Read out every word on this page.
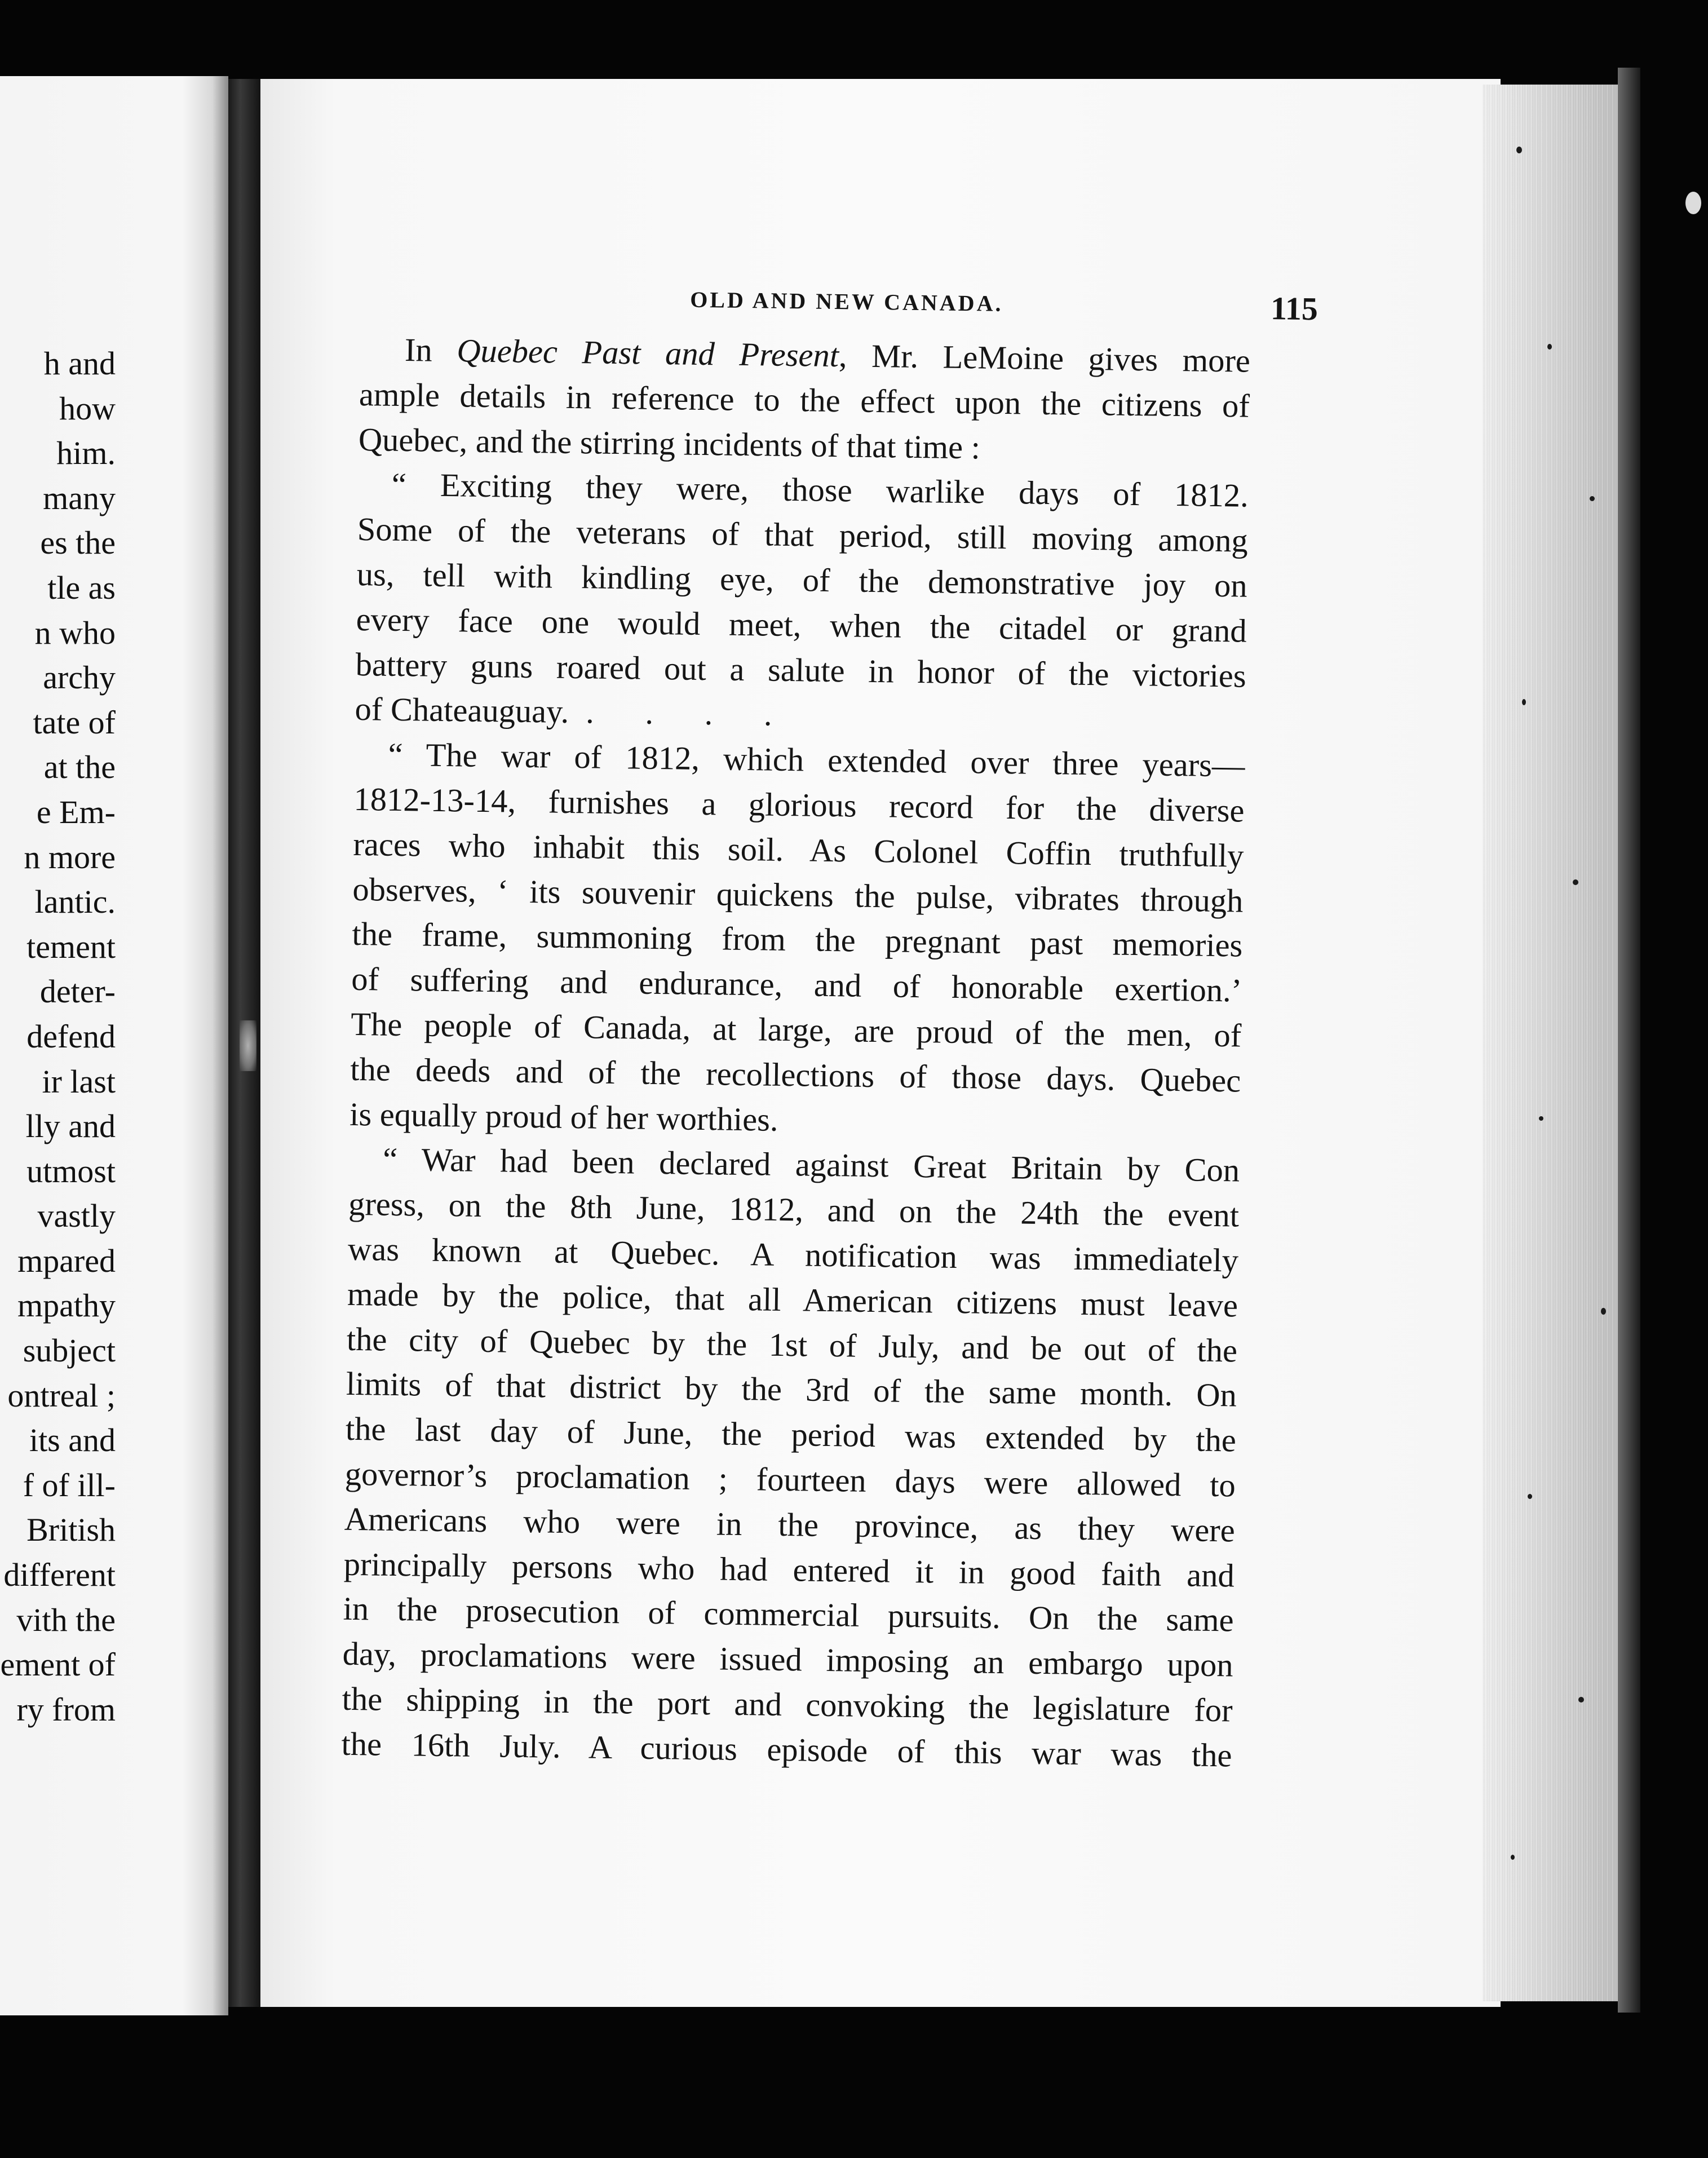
h and
how
him.
many
es the
tle as
n who
archy
tate of
at the
e Em-
n more
lantic.
tement
deter-
defend
ir last
lly and
utmost
vastly
mpared
mpathy
subject
ontreal ;
its and
f of ill-
British
different
vith the
ement of
ry from
OLD AND NEW CANADA.	115
In Quebec Past and Present, Mr. LeMoine gives more
ample details in reference to the effect upon the citizens of
Quebec, and the stirring incidents of that time :
“ Exciting they were, those warlike days of 1812.
Some of the veterans of that period, still moving among
us, tell with kindling eye, of the demonstrative joy on
every face one would meet, when the citadel or grand
battery guns roared out a salute in honor of the victories
of Chateauguay. . . . .
“ The war of 1812, which extended over three years—
1812-13-14, furnishes a glorious record for the diverse
races who inhabit this soil. As Colonel Coffin truthfully
observes, ‘ its souvenir quickens the pulse, vibrates through
the frame, summoning from the pregnant past memories
of suffering and endurance, and of honorable exertion.’
The people of Canada, at large, are proud of the men, of
the deeds and of the recollections of those days. Quebec
is equally proud of her worthies.
“ War had been declared against Great Britain by Con
gress, on the 8th June, 1812, and on the 24th the event
was known at Quebec. A notification was immediately
made by the police, that all American citizens must leave
the city of Quebec by the 1st of July, and be out of the
limits of that district by the 3rd of the same month. On
the last day of June, the period was extended by the
governor’s proclamation ; fourteen days were allowed to
Americans who were in the province, as they were
principally persons who had entered it in good faith and
in the prosecution of commercial pursuits. On the same
day, proclamations were issued imposing an embargo upon
the shipping in the port and convoking the legislature for
the 16th July. A curious episode of this war was the
